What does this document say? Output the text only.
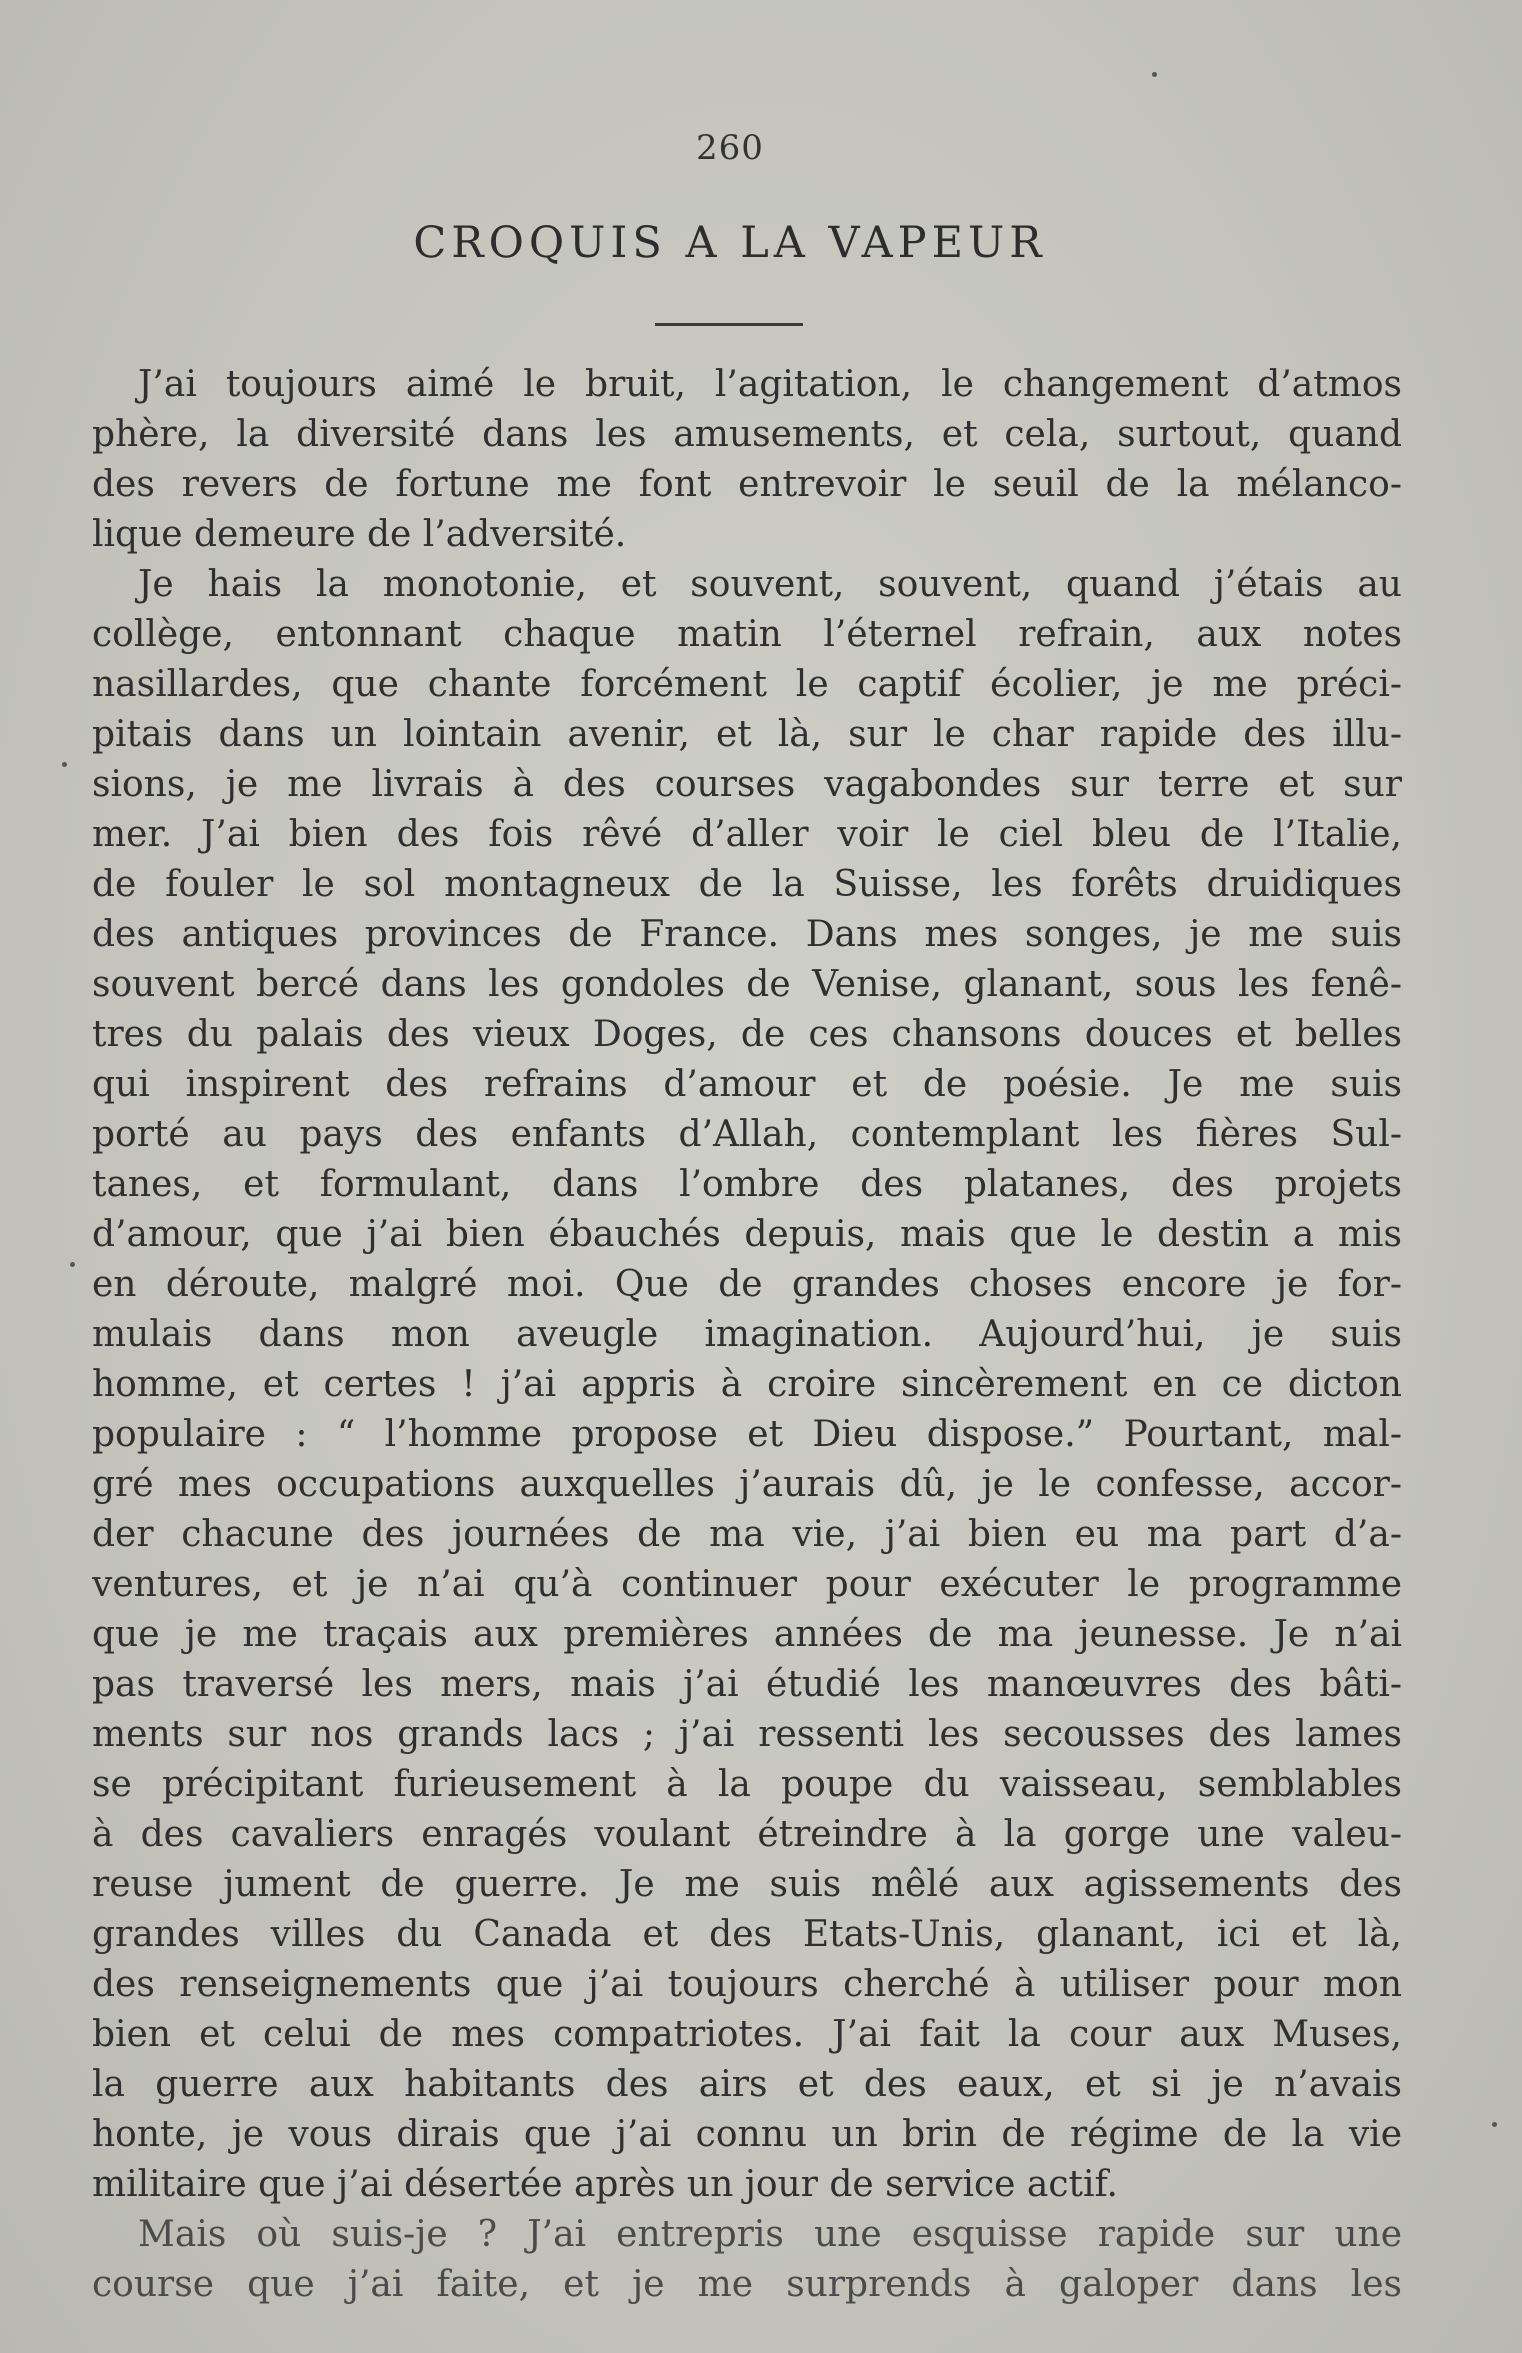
260
CROQUIS A LA VAPEUR
J’ai toujours aimé le bruit, l’agitation, le changement d’atmos
phère, la diversité dans les amusements, et cela, surtout, quand
des revers de fortune me font entrevoir le seuil de la mélanco-
lique demeure de l’adversité.
Je hais la monotonie, et souvent, souvent, quand j’étais au
collège, entonnant chaque matin l’éternel refrain, aux notes
nasillardes, que chante forcément le captif écolier, je me préci-
pitais dans un lointain avenir, et là, sur le char rapide des illu-
sions, je me livrais à des courses vagabondes sur terre et sur
mer. J’ai bien des fois rêvé d’aller voir le ciel bleu de l’Italie,
de fouler le sol montagneux de la Suisse, les forêts druidiques
des antiques provinces de France. Dans mes songes, je me suis
souvent bercé dans les gondoles de Venise, glanant, sous les fenê-
tres du palais des vieux Doges, de ces chansons douces et belles
qui inspirent des refrains d’amour et de poésie. Je me suis
porté au pays des enfants d’Allah, contemplant les fières Sul-
tanes, et formulant, dans l’ombre des platanes, des projets
d’amour, que j’ai bien ébauchés depuis, mais que le destin a mis
en déroute, malgré moi. Que de grandes choses encore je for-
mulais dans mon aveugle imagination. Aujourd’hui, je suis
homme, et certes ! j’ai appris à croire sincèrement en ce dicton
populaire : “ l’homme propose et Dieu dispose.” Pourtant, mal-
gré mes occupations auxquelles j’aurais dû, je le confesse, accor-
der chacune des journées de ma vie, j’ai bien eu ma part d’a-
ventures, et je n’ai qu’à continuer pour exécuter le programme
que je me traçais aux premières années de ma jeunesse. Je n’ai
pas traversé les mers, mais j’ai étudié les manœuvres des bâti-
ments sur nos grands lacs ; j’ai ressenti les secousses des lames
se précipitant furieusement à la poupe du vaisseau, semblables
à des cavaliers enragés voulant étreindre à la gorge une valeu-
reuse jument de guerre. Je me suis mêlé aux agissements des
grandes villes du Canada et des Etats-Unis, glanant, ici et là,
des renseignements que j’ai toujours cherché à utiliser pour mon
bien et celui de mes compatriotes. J’ai fait la cour aux Muses,
la guerre aux habitants des airs et des eaux, et si je n’avais
honte, je vous dirais que j’ai connu un brin de régime de la vie
militaire que j’ai désertée après un jour de service actif.
Mais où suis-je ? J’ai entrepris une esquisse rapide sur une
course que j’ai faite, et je me surprends à galoper dans les
